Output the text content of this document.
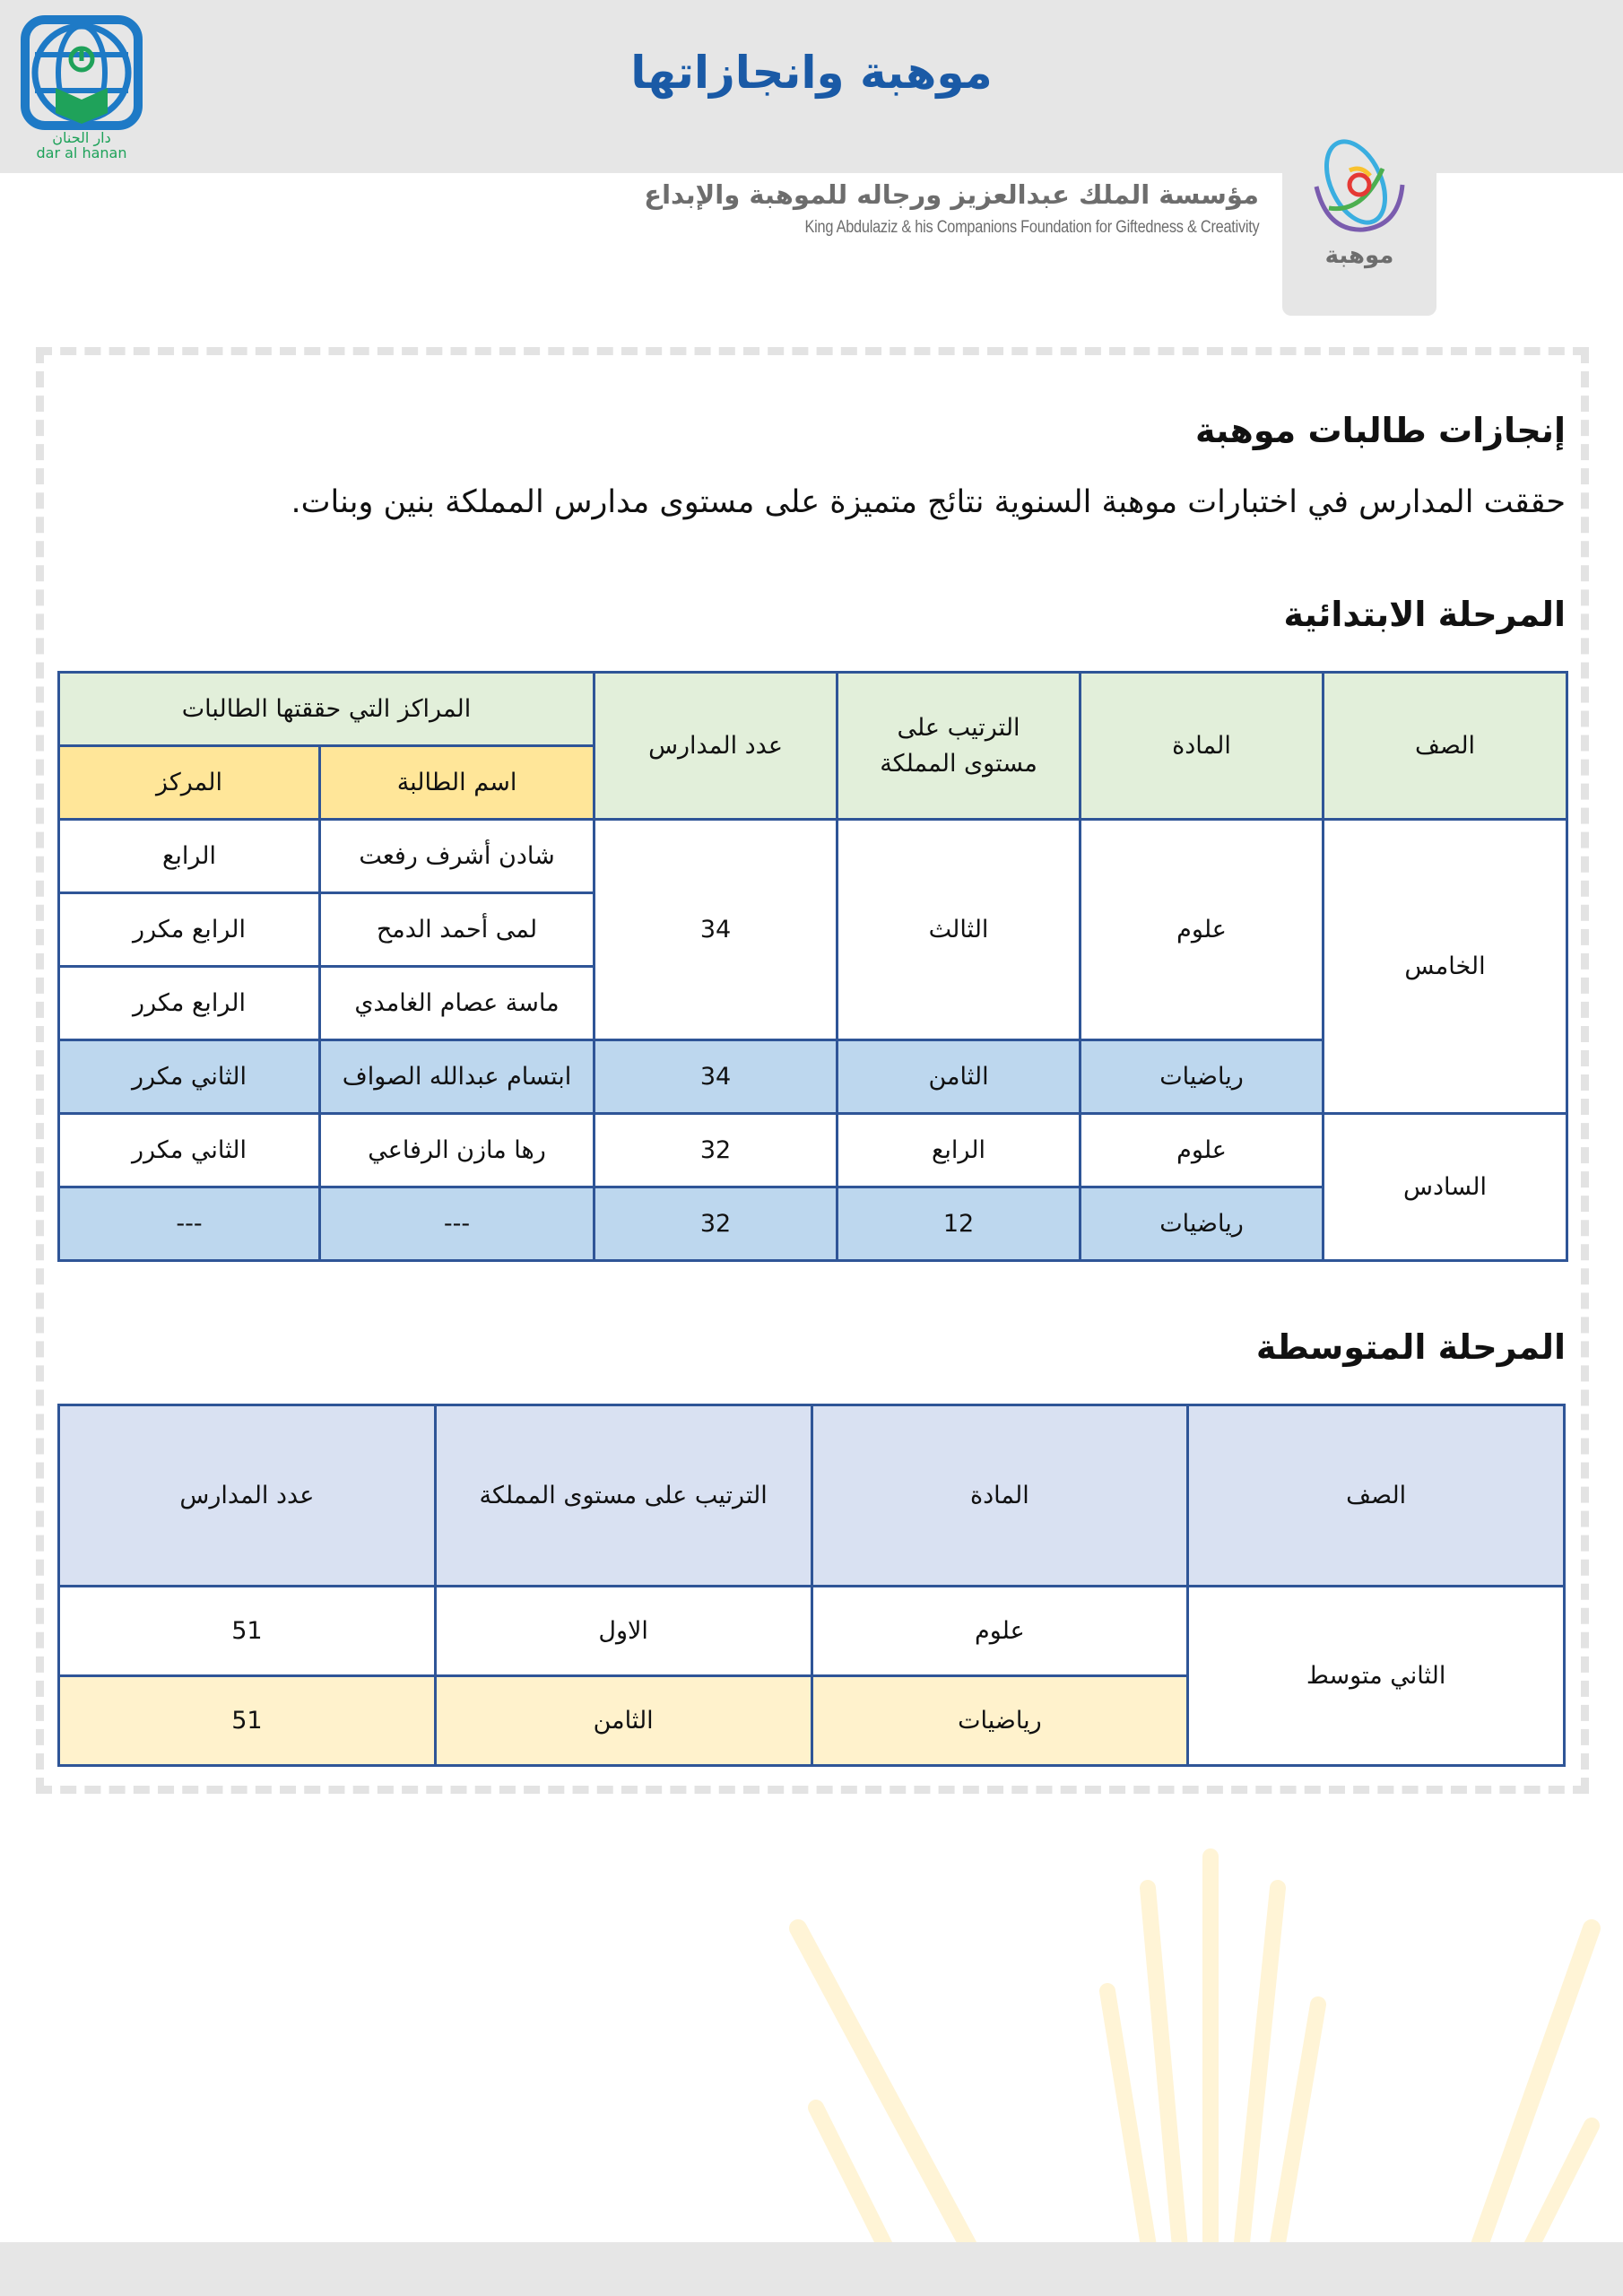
دار الحنان
dar al hanan
موهبة وانجازاتها
موهبة
مؤسسة الملك عبدالعزيز ورجاله للموهبة والإبداع
King Abdulaziz & his Companions Foundation for Giftedness & Creativity
إنجازات طالبات موهبة
حققت المدارس في اختبارات موهبة السنوية نتائج متميزة على مستوى مدارس المملكة بنين وبنات.
المرحلة الابتدائية
الصف	المادة	الترتيب على مستوى المملكة	عدد المدارس	المراكز التي حققتها الطالبات	
				اسم الطالبة	المركز
الخامس	علوم	الثالث	34	شادن أشرف رفعت	الرابع
				لمى أحمد الدمح	الرابع مكرر
				ماسة عصام الغامدي	الرابع مكرر
	رياضيات	الثامن	34	ابتسام عبدالله الصواف	الثاني مكرر
السادس	علوم	الرابع	32	رها مازن الرفاعي	الثاني مكرر
	رياضيات	12	32	---	---
المرحلة المتوسطة
الصف	المادة	الترتيب على مستوى المملكة	عدد المدارس
الثاني متوسط	علوم	الاول	51
	رياضيات	الثامن	51
